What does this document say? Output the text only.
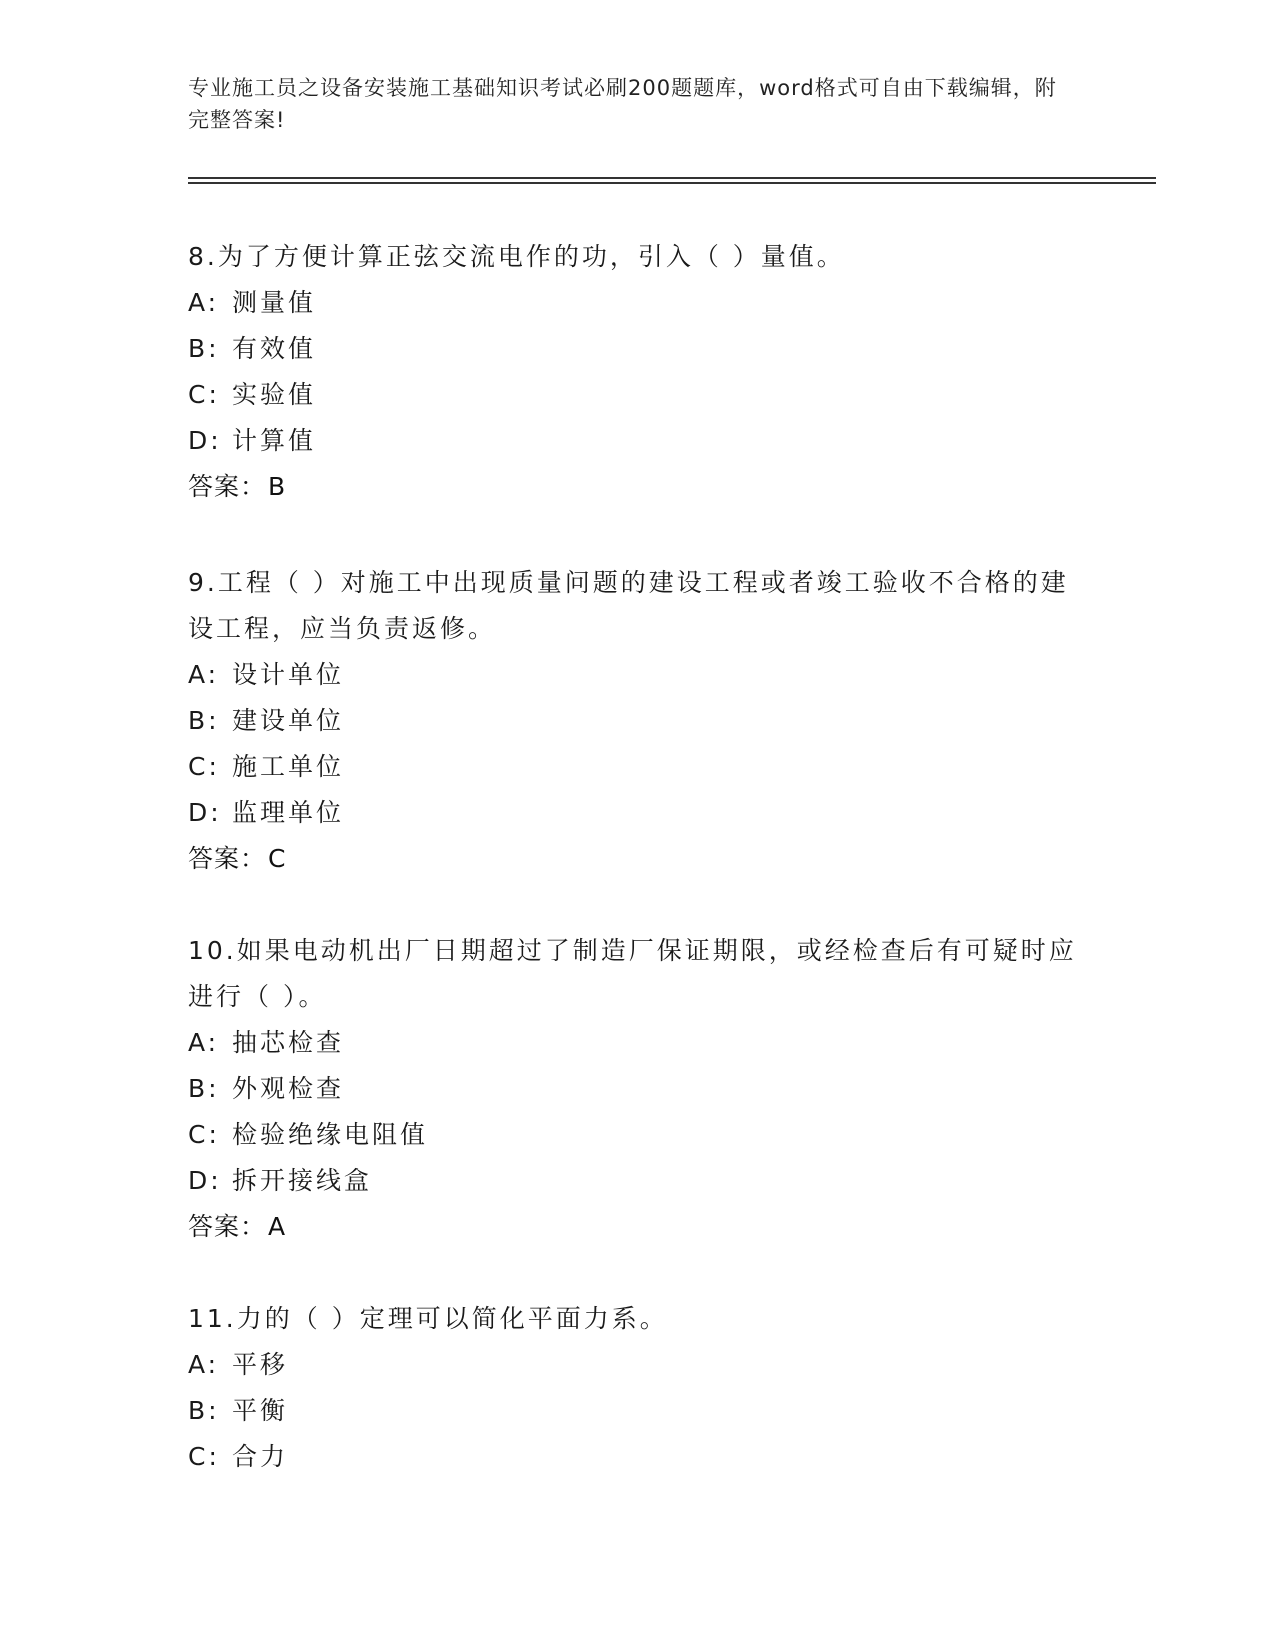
专业施工员之设备安装施工基础知识考试必刷200题题库，word格式可自由下载编辑，附完整答案!

8.为了方便计算正弦交流电作的功，引入（ ）量值。

A: 测量值
B: 有效值
C: 实验值
D: 计算值
答案：B

9.工程（ ）对施工中出现质量问题的建设工程或者竣工验收不合格的建设工程，应当负责返修。

A: 设计单位
B: 建设单位
C: 施工单位
D: 监理单位
答案：C

10.如果电动机出厂日期超过了制造厂保证期限，或经检查后有可疑时应进行（ ）。

A: 抽芯检查
B: 外观检查
C: 检验绝缘电阻值
D: 拆开接线盒
答案：A

11.力的（ ）定理可以简化平面力系。

A: 平移
B: 平衡
C: 合力
